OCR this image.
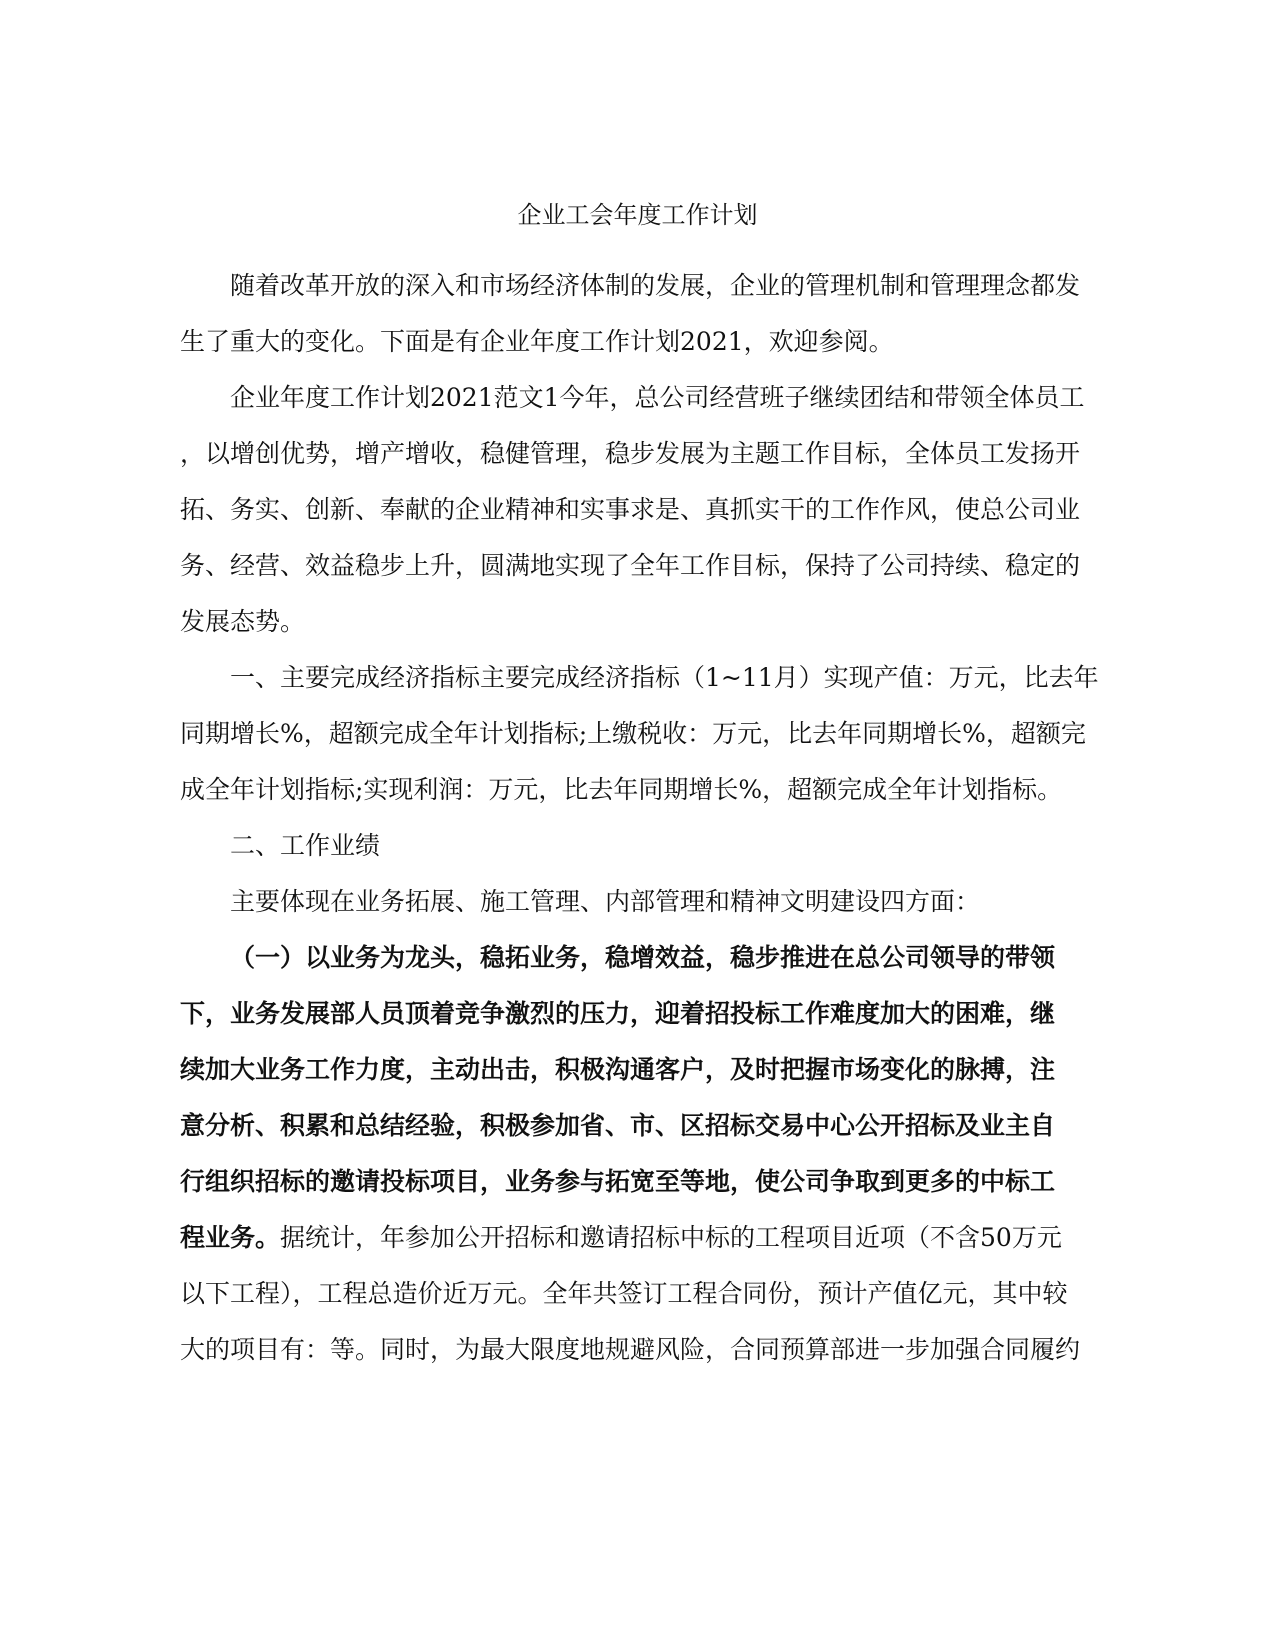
企业工会年度工作计划
随着改革开放的深入和市场经济体制的发展，企业的管理机制和管理理念都发
生了重大的变化。下面是有企业年度工作计划2021，欢迎参阅。
企业年度工作计划2021范文1今年，总公司经营班子继续团结和带领全体员工
，以增创优势，增产增收，稳健管理，稳步发展为主题工作目标，全体员工发扬开
拓、务实、创新、奉献的企业精神和实事求是、真抓实干的工作作风，使总公司业
务、经营、效益稳步上升，圆满地实现了全年工作目标，保持了公司持续、稳定的
发展态势。
一、主要完成经济指标主要完成经济指标（1~11月）实现产值：万元，比去年
同期增长%，超额完成全年计划指标;上缴税收：万元，比去年同期增长%，超额完
成全年计划指标;实现利润：万元，比去年同期增长%，超额完成全年计划指标。
二、工作业绩
主要体现在业务拓展、施工管理、内部管理和精神文明建设四方面：
（一）以业务为龙头，稳拓业务，稳增效益，稳步推进在总公司领导的带领
下，业务发展部人员顶着竞争激烈的压力，迎着招投标工作难度加大的困难，继
续加大业务工作力度，主动出击，积极沟通客户，及时把握市场变化的脉搏，注
意分析、积累和总结经验，积极参加省、市、区招标交易中心公开招标及业主自
行组织招标的邀请投标项目，业务参与拓宽至等地，使公司争取到更多的中标工
程业务。据统计，年参加公开招标和邀请招标中标的工程项目近项（不含50万元
以下工程），工程总造价近万元。全年共签订工程合同份，预计产值亿元，其中较
大的项目有：等。同时，为最大限度地规避风险，合同预算部进一步加强合同履约
